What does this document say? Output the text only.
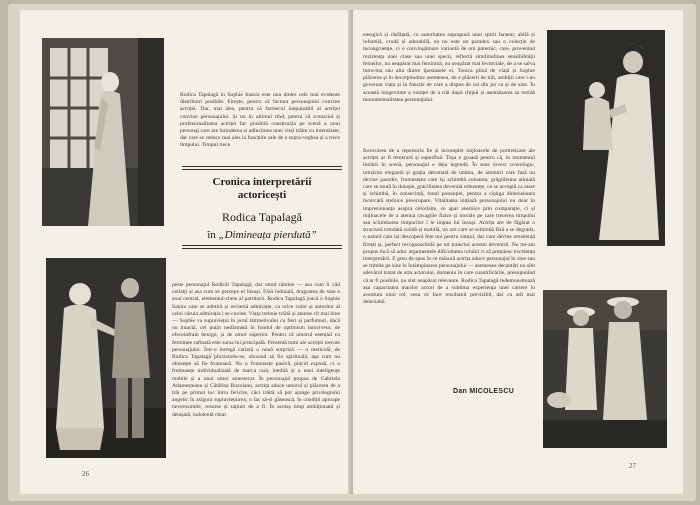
Rodica Tapalagă în Sophie Ioaniu este una dintre cele mai evidente distribuiri posibile. Firește, pentru că factura personajului convine actriței. Dar, mai ales, pentru că farmecul inepuizabil al actriței convine personajului. Și nu în ultimul rînd, pentru că scenariul și profesionalitatea actriței fac posibilă construcția pe scenă a unui personaj care are întinderea și adîncimea unei vieți trăite cu intensitate, dar care se reduce mai ales la funcțiile sale de a supra-veghea și a trece timpului. Timpul trece
Cronica interpretării
actoricești
Rodica Tapalagă
în „Dimineața pierdută”
peste personajul Rodicăi Tapalagă, dar omul rămîne — asa cum îi văd ceilalți și asa cum se percepe el însuși. Fără îndoială, dragostea de sine e axul central, elementul-cheie al partiturii. Rodica Tapalagă joacă o Sophie Ioaniu care se admiră și reclamă admirație, ca orice cuim și autoritar al celui căruia admirația i se cuvine. Viața trebuie trăită și anume cît mai bine — Sophie va supraviețui în jurul latimetivului cu fieri și parfumuri, dacă nu intactă, cel puțin nedărmată în fondul de optimism bonviveur, de efeceinfrain benign, și de umor superior. Pentru că umorul esențial cu fermitate rafinată este sursa lui principală. Prezentă tumi ale actriței trecute personajului. Într-o întregă carieră o nouă surpriză — o meticolă, de Rodica Tapalagă plictisindu-se, obosind să fie spirituală, așa cum nu obosește să fie frumoasă. Nu o frumusețe pasivă, placid expusă, ci o frumusețe individualizată de marca rară, inedită și a unei inteligențe mobile și a unui umor amestecat. În personajul propus de Gabriela Adameșteanu și Cătălina Buzoianu, actrița aduce umorul și plăcerea de a trăi pe primul loc întru fericire, căci trăită să pot ajunge privilegiului angelic în asigura supraviețuirea, o fac să-și găsească, în condiții aproape neverosimile, resurse și rațiuni de a fi. În acelaș timp ambiționată și detașată, indolentă chiar
26
energică și răsfățată, cu autoritatea suprapusă unui spirit farseur, abilă și infantilă, crudă și adorabilă, ea nu este un paradox sau o colecție de incongruențe, ci o convingătoare variantă de om puternic, care, provenind rezistența unei clase sau unei specii, reflectă similitudinea sensibilității femeilor, nu neapărat mai feminină, nu neapărat mai leviticiale, de a se salva întru-ma sau alta dintre ipostazele ei. Tonica plină de viață și Sophie plăcerea și în decrepitudine asemenea, de a plăcerii de trăi, ambiții care i-au guvernat viața și în funcție de care a dispus de cei din jur ca și de sine. În această longevitate a voinței de a trăi după chipul și asemănarea sa rezidă monumentalitatea personajului.
Încercarea de a repertoria fie și incomplet mijloacele de portretizare ale actriței ar fi temerară și superfluă. Tușa e groasă pentru că, în momentul întrării în scenă, personajul e deja legendă. În sens invers cronologic, urmărim elegantă și grația detomată de umbra, de amintiri care fasă nu devine parodie, frumusețea care își schimbă culoarea, grăgiileuna alintată care se mută în duioșie, gracilitatea devenită robustețe, ce se acceptă ca atare și schimbă, în consecință, tonul ponauției, pentru a cîștiga dimensiunea încercată stelnice preocupare. Vitalitatea inițiază personajului nu doar în impresionanța asupra celorlalte, ce apar anemice prin comparație, ci și mijloacele de a atenua ravagiile fizice și morale pe care trecerea timpului sau schimbarea timpurilor i le impun lui însuși. Actrița are de făgărat o structură totodată solidă și mobilă, un om care se schimbă fără a se degrada, o natură care își descoperă fețe noi pentru simțul, dar care devine rezistență firești și, perfect recognoscibilă pe tot traiectul acestei devenirii. Nu mi-am propus încă să aduc argumentele dificultatea rolului ci să prețuiesc excelența interpretării. E greu de spus în ce măsură actrița aduce personajul în sine sau se trimite pe sine în întâmpinarea personajului — asemenea decantări nu sînt adevărul tratat de arta actorului, domeniu în care cuantificările, presupunînd că ar fi posibile, nu sînt neapărat relevante. Rodica Tapalagă redemonstrează așa capacitatea marilor actori de a sublima experiența unei cariere în aventura unui rol, ceea ce face rezultatul previzibil, dar cu atît mai delectabil.
Dan MICOLESCU
27
